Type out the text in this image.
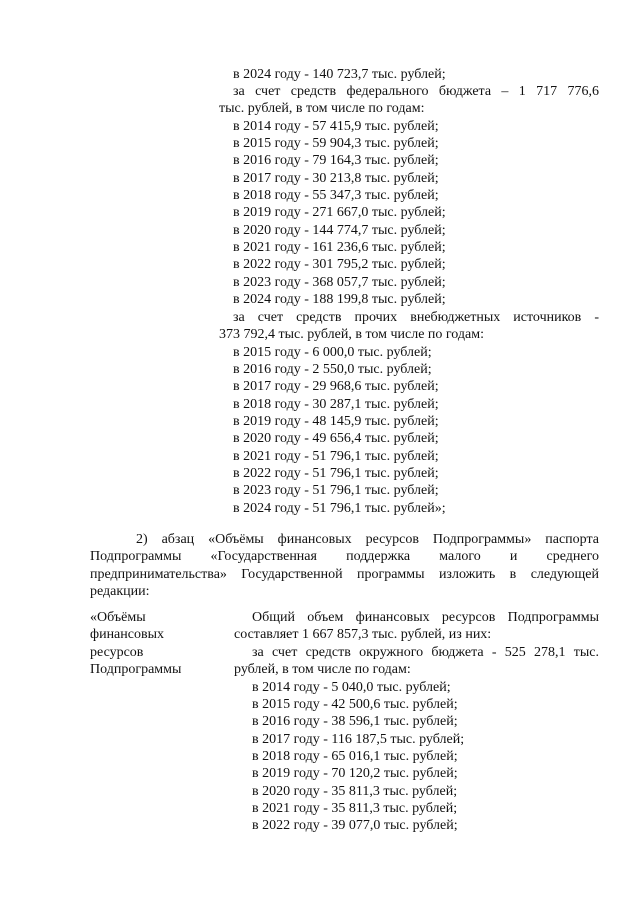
в 2024 году - 140 723,7 тыс. рублей;
за счет средств федерального бюджета – 1 717 776,6
тыс. рублей, в том числе по годам:
в 2014 году - 57 415,9 тыс. рублей;
в 2015 году - 59 904,3 тыс. рублей;
в 2016 году - 79 164,3 тыс. рублей;
в 2017 году - 30 213,8 тыс. рублей;
в 2018 году - 55 347,3 тыс. рублей;
в 2019 году - 271 667,0 тыс. рублей;
в 2020 году - 144 774,7 тыс. рублей;
в 2021 году - 161 236,6 тыс. рублей;
в 2022 году - 301 795,2 тыс. рублей;
в 2023 году - 368 057,7 тыс. рублей;
в 2024 году - 188 199,8 тыс. рублей;
за счет средств прочих внебюджетных источников -
373 792,4 тыс. рублей, в том числе по годам:
в 2015 году - 6 000,0 тыс. рублей;
в 2016 году - 2 550,0 тыс. рублей;
в 2017 году - 29 968,6 тыс. рублей;
в 2018 году - 30 287,1 тыс. рублей;
в 2019 году - 48 145,9 тыс. рублей;
в 2020 году - 49 656,4 тыс. рублей;
в 2021 году - 51 796,1 тыс. рублей;
в 2022 году - 51 796,1 тыс. рублей;
в 2023 году - 51 796,1 тыс. рублей;
в 2024 году - 51 796,1 тыс. рублей»;
2) абзац «Объёмы финансовых ресурсов Подпрограммы» паспорта
Подпрограммы «Государственная поддержка малого и среднего
предпринимательства» Государственной программы изложить в следующей
редакции:
«Объёмы
финансовых
ресурсов
Подпрограммы
Общий объем финансовых ресурсов Подпрограммы
составляет 1 667 857,3 тыс. рублей, из них:
за счет средств окружного бюджета - 525 278,1 тыс.
рублей, в том числе по годам:
в 2014 году - 5 040,0 тыс. рублей;
в 2015 году - 42 500,6 тыс. рублей;
в 2016 году - 38 596,1 тыс. рублей;
в 2017 году - 116 187,5 тыс. рублей;
в 2018 году - 65 016,1 тыс. рублей;
в 2019 году - 70 120,2 тыс. рублей;
в 2020 году - 35 811,3 тыс. рублей;
в 2021 году - 35 811,3 тыс. рублей;
в 2022 году - 39 077,0 тыс. рублей;
